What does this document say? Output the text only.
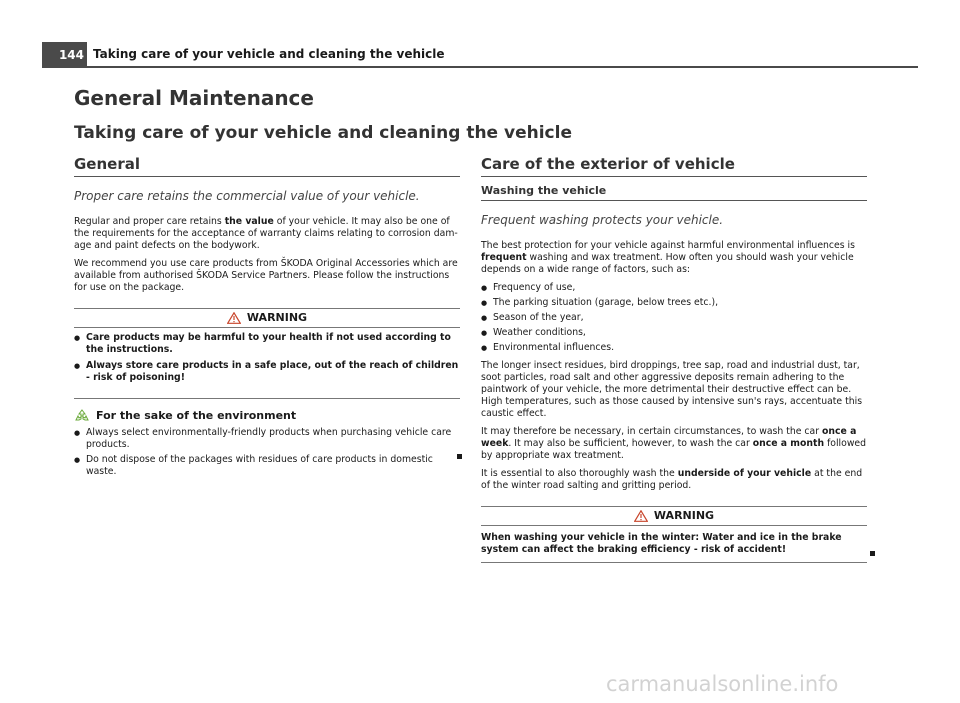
144 Taking care of your vehicle and cleaning the vehicle
General Maintenance
Taking care of your vehicle and cleaning the vehicle
General
Proper care retains the commercial value of your vehicle.

Regular and proper care retains the value of your vehicle. It may also be one of the requirements for the acceptance of warranty claims relating to corrosion dam-age and paint defects on the bodywork.

We recommend you use care products from ŠKODA Original Accessories which are available from authorised ŠKODA Service Partners. Please follow the instructions for use on the package.

WARNING
● Care products may be harmful to your health if not used according to the instructions.
● Always store care products in a safe place, out of the reach of children - risk of poisoning!
For the sake of the environment
● Always select environmentally-friendly products when purchasing vehicle care products.
● Do not dispose of the packages with residues of care products in domestic waste.
Care of the exterior of vehicle
Washing the vehicle
Frequent washing protects your vehicle.

The best protection for your vehicle against harmful environmental influences is frequent washing and wax treatment. How often you should wash your vehicle depends on a wide range of factors, such as:

● Frequency of use,
● The parking situation (garage, below trees etc.),
● Season of the year,
● Weather conditions,
● Environmental influences.

The longer insect residues, bird droppings, tree sap, road and industrial dust, tar, soot particles, road salt and other aggressive deposits remain adhering to the paintwork of your vehicle, the more detrimental their destructive effect can be. High temperatures, such as those caused by intensive sun's rays, accentuate this caustic effect.

It may therefore be necessary, in certain circumstances, to wash the car once a week. It may also be sufficient, however, to wash the car once a month followed by appropriate wax treatment.

It is essential to also thoroughly wash the underside of your vehicle at the end of the winter road salting and gritting period.

WARNING

When washing your vehicle in the winter: Water and ice in the brake system can affect the braking efficiency - risk of accident!

carmanualsonline.info
